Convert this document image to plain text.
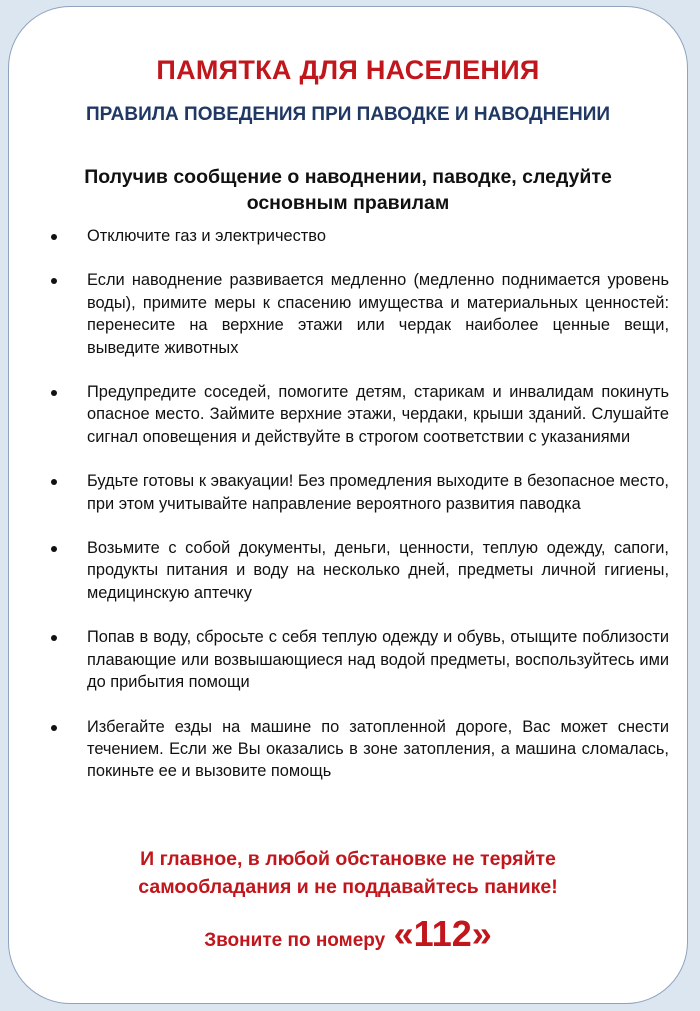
ПАМЯТКА ДЛЯ НАСЕЛЕНИЯ
ПРАВИЛА ПОВЕДЕНИЯ ПРИ ПАВОДКЕ И НАВОДНЕНИИ
Получив сообщение о наводнении, паводке, следуйте основным правилам
Отключите газ и электричество
Если наводнение развивается медленно (медленно поднимается уровень воды), примите меры к спасению имущества и материальных ценностей: перенесите на верхние этажи или чердак наиболее ценные вещи, выведите животных
Предупредите соседей, помогите детям, старикам и инвалидам покинуть опасное место. Займите верхние этажи, чердаки, крыши зданий. Слушайте сигнал оповещения и действуйте в строгом соответствии с указаниями
Будьте готовы к эвакуации! Без промедления выходите в безопасное место, при этом учитывайте направление вероятного развития паводка
Возьмите с собой документы, деньги, ценности, теплую одежду, сапоги, продукты питания и воду на несколько дней, предметы личной гигиены, медицинскую аптечку
Попав в воду, сбросьте с себя теплую одежду и обувь, отыщите поблизости плавающие или возвышающиеся над водой предметы, воспользуйтесь ими до прибытия помощи
Избегайте езды на машине по затопленной дороге, Вас может снести течением. Если же Вы оказались в зоне затопления, а машина сломалась, покиньте ее и вызовите помощь
И главное, в любой обстановке не теряйте
самообладания и не поддавайтесь панике!
Звоните по номеру «112»
